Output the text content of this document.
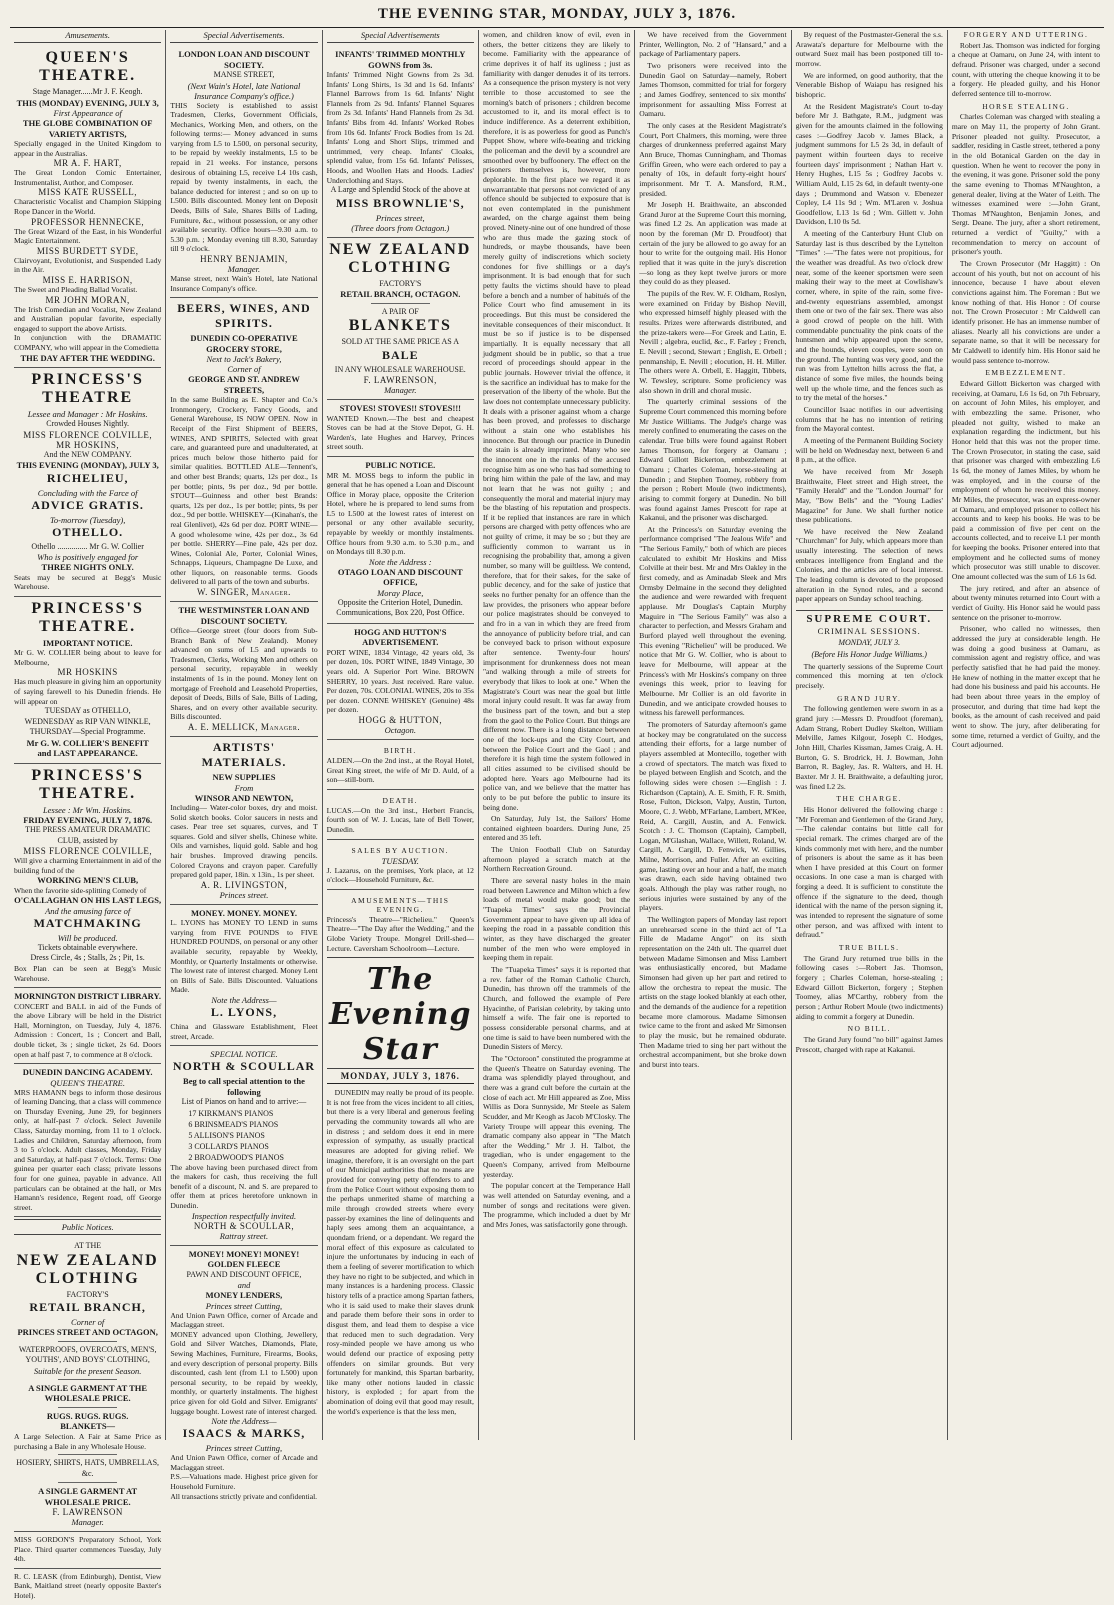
THE EVENING STAR, MONDAY, JULY 3, 1876.
Amusements.
QUEEN'S THEATRE.
Stage Manager......Mr J. F. Keogh.
THIS (MONDAY) EVENING, JULY 3,
First Appearance of
THE GLOBE COMBINATION OF VARIETY ARTISTS,
Specially engaged in the United Kingdom to appear in the Australias.
MR A. F. HART,
The Great London Comic Entertainer, Instrumentalist, Author, and Composer.
MISS KATE RUSSELL,
Characteristic Vocalist and Champion Skipping Rope Dancer in the World.
PROFESSOR HENNECKE,
The Great Wizard of the East, in his Wonderful Magic Entertainment.
MISS BURDETT SYDE,
Clairvoyant, Evolutionist, and Suspended Lady in the Air.
MISS E. HARRISON,
The Sweet and Pleading Ballad Vocalist.
MR JOHN MORAN,
The Irish Comedian and Vocalist, New Zealand and Australian popular favorite, especially engaged to support the above Artists.
In conjunction with the DRAMATIC COMPANY, who will appear in the Comedietta
THE DAY AFTER THE WEDDING.
PRINCESS'S THEATRE
Lessee and Manager : Mr Hoskins.
Crowded Houses Nightly.
MISS FLORENCE COLVILLE,
MR HOSKINS,
And the NEW COMPANY.
THIS EVENING (MONDAY), JULY 3,
RICHELIEU,
Concluding with the Farce of
ADVICE GRATIS.
To-morrow (Tuesday),
OTHELLO.
Othello ............... Mr G. W. Collier
Who is positively engaged for
THREE NIGHTS ONLY.
Seats may be secured at Begg's Music Warehouse.
PRINCESS'S THEATRE.
IMPORTANT NOTICE.
Mr G. W. COLLIER being about to leave for Melbourne,
MR HOSKINS
Has much pleasure in giving him an opportunity of saying farewell to his Dunedin friends. He will appear on
TUESDAY as OTHELLO,
WEDNESDAY as RIP VAN WINKLE,
THURSDAY—Special Programme.
Mr G. W. COLLIER'S BENEFIT
and LAST APPEARANCE.
PRINCESS'S THEATRE.
Lessee : Mr Wm. Hoskins.
FRIDAY EVENING, JULY 7, 1876.
THE PRESS AMATEUR DRAMATIC CLUB, assisted by
MISS FLORENCE COLVILLE,
Will give a charming Entertainment in aid of the building fund of the
WORKING MEN'S CLUB,
When the favorite side-splitting Comedy of
O'CALLAGHAN ON HIS LAST LEGS,
And the amusing farce of
MATCHMAKING
Will be produced.
Tickets obtainable everywhere.
Dress Circle, 4s ; Stalls, 2s ; Pit, 1s.
Box Plan can be seen at Begg's Music Warehouse.
MORNINGTON DISTRICT LIBRARY.
CONCERT and BALL in aid of the Funds of the above Library will be held in the District Hall, Mornington, on Tuesday, July 4, 1876. Admission : Concert, 1s ; Concert and Ball, double ticket, 3s ; single ticket, 2s 6d. Doors open at half past 7, to commence at 8 o'clock.
DUNEDIN DANCING ACADEMY.
QUEEN'S THEATRE.
MRS HAMANN begs to inform those desirous of learning Dancing, that a class will commence on Thursday Evening, June 29, for beginners only, at half-past 7 o'clock. Select Juvenile Class, Saturday morning, from 11 to 1 o'clock. Ladies and Children, Saturday afternoon, from 3 to 5 o'clock. Adult classes, Monday, Friday and Saturday, at half-past 7 o'clock. Terms: One guinea per quarter each class; private lessons four for one guinea, payable in advance. All particulars can be obtained at the hall, or Mrs Hamann's residence, Regent road, off George street.
Public Notices.
AT THE
NEW ZEALAND CLOTHING
FACTORY'S
RETAIL BRANCH,
Corner of
PRINCES STREET AND OCTAGON,
WATERPROOFS, OVERCOATS, MEN'S, YOUTHS', AND BOYS' CLOTHING,
Suitable for the present Season.
A SINGLE GARMENT AT THE WHOLESALE PRICE.
RUGS. RUGS. RUGS.
BLANKETS—
A Large Selection. A Fair at Same Price as purchasing a Bale in any Wholesale House.
HOSIERY, SHIRTS, HATS, UMBRELLAS, &c.
A SINGLE GARMENT AT WHOLESALE PRICE.
F. LAWRENSON
Manager.
MISS GORDON'S Preparatory School, York Place. Third quarter commences Tuesday, July 4th.
R. C. LEASK (from Edinburgh), Dentist, View Bank, Maitland street (nearly opposite Baxter's Hotel).
Special Advertisements.
LONDON LOAN AND DISCOUNT SOCIETY.
MANSE STREET,
(Next Wain's Hotel, late National Insurance Company's office.)
THIS Society is established to assist Tradesmen, Clerks, Government Officials, Mechanics, Working Men, and others, on the following terms:— Money advanced in sums varying from L5 to L500, on personal security, to be repaid by weekly instalments, L5 to be repaid in 21 weeks. For instance, persons desirous of obtaining L5, receive L4 10s cash, repaid by twenty instalments, in each, the balance deducted for interest ; and so on up to L500. Bills discounted. Money lent on Deposit Deeds, Bills of Sale, Shares Bills of Lading, Furniture, &c., without possession, or any other available security. Office hours—9.30 a.m. to 5.30 p.m. ; Monday evening till 8.30, Saturday till 9 o'clock.
HENRY BENJAMIN,
Manager.
Manse street, next Wain's Hotel, late National Insurance Company's office.
BEERS, WINES, AND SPIRITS.
DUNEDIN CO-OPERATIVE GROCERY STORE,
Next to Jack's Bakery,
Corner of
GEORGE AND ST. ANDREW STREETS,
In the same Building as E. Shapter and Co.'s Ironmongery, Crockery, Fancy Goods, and General Warehouse, IS NOW OPEN. Now in Receipt of the First Shipment of BEERS, WINES, AND SPIRITS, Selected with great care, and guaranteed pure and unadulterated, at prices much below those hitherto paid for similar qualities. BOTTLED ALE—Tennent's, and other best Brands; quarts, 12s per doz., 1s per bottle; pints, 9s per doz., 9d per bottle. STOUT—Guinness and other best Brands: quarts, 12s per doz., 1s per bottle; pints, 9s per doz., 9d per bottle. WHISKEY—(Kinahan's, the real Glenlivet), 42s 6d per doz. PORT WINE—A good wholesome wine, 42s per doz., 3s 6d per bottle. SHERRY—Fine pale, 42s per doz. Wines, Colonial Ale, Porter, Colonial Wines, Schnapps, Liqueurs, Champagne De Luxe, and other liquors, on reasonable terms. Goods delivered to all parts of the town and suburbs.
W. SINGER, Manager.
THE WESTMINSTER LOAN AND DISCOUNT SOCIETY.
Office—George street (four doors from Sub-Branch Bank of New Zealand). Money advanced on sums of L5 and upwards to Tradesmen, Clerks, Working Men and others on personal security, repayable in weekly instalments of 1s in the pound. Money lent on mortgage of Freehold and Leasehold Properties, deposit of Deeds, Bills of Sale, Bills of Lading, Shares, and on every other available security. Bills discounted.
A. E. MELLICK, Manager.
ARTISTS' MATERIALS.
NEW SUPPLIES
From
WINSOR AND NEWTON,
Including— Water-color boxes, dry and moist. Solid sketch books. Color saucers in nests and cases. Pear tree set squares, curves, and T squares. Gold and silver shells, Chinese white. Oils and varnishes, liquid gold. Sable and hog hair brushes. Improved drawing pencils. Colored Crayons and crayon paper. Carefully prepared gold paper, 18in. x 13in., 1s per sheet.
A. R. LIVINGSTON,
Princes street.
MONEY. MONEY. MONEY.
L. LYONS has MONEY TO LEND in sums varying from FIVE POUNDS to FIVE HUNDRED POUNDS, on personal or any other available security, repayable by Weekly, Monthly, or Quarterly Instalments or otherwise. The lowest rate of interest charged. Money Lent on Bills of Sale. Bills Discounted. Valuations Made.
Note the Address—
L. LYONS,
China and Glassware Establishment, Fleet street, Arcade.
SPECIAL NOTICE.
NORTH & SCOULLAR
Beg to call special attention to the following
List of Pianos on hand and to arrive:—
17 KIRKMAN'S PIANOS
6 BRINSMEAD'S PIANOS
5 ALLISON'S PIANOS
3 COLLARD'S PIANOS
2 BROADWOOD'S PIANOS
The above having been purchased direct from the makers for cash, thus receiving the full benefit of a discount, N. and S. are prepared to offer them at prices heretofore unknown in Dunedin.
Inspection respectfully invited.
NORTH & SCOULLAR,
Rattray street.
MONEY! MONEY! MONEY!
GOLDEN FLEECE
PAWN AND DISCOUNT OFFICE,
and
MONEY LENDERS,
Princes street Cutting,
And Union Pawn Office, corner of Arcade and Maclaggan street.
MONEY advanced upon Clothing, Jewellery, Gold and Silver Watches, Diamonds, Plate, Sewing Machines, Furniture, Firearms, Books, and every description of personal property. Bills discounted, cash lent (from L1 to L500) upon personal security, to be repaid by weekly, monthly, or quarterly instalments. The highest price given for old Gold and Silver. Emigrants' luggage bought. Lowest rate of interest charged.
Note the Address—
ISAACS & MARKS,
Princes street Cutting,
And Union Pawn Office, corner of Arcade and Maclaggan street.
P.S.—Valuations made. Highest price given for Household Furniture.
All transactions strictly private and confidential.
Special Advertisements
INFANTS' TRIMMED MONTHLY GOWNS from 3s.
Infants' Trimmed Night Gowns from 2s 3d. Infants' Long Shirts, 1s 3d and 1s 6d. Infants' Flannel Barrows from 1s 6d. Infants' Night Flannels from 2s 9d. Infants' Flannel Squares from 2s 3d. Infants' Hand Flannels from 2s 3d. Infants' Bibs from 4d. Infants' Worked Robes from 10s 6d. Infants' Frock Bodies from 1s 2d. Infants' Long and Short Slips, trimmed and untrimmed, very cheap. Infants' Cloaks, splendid value, from 15s 6d. Infants' Pelisses, Hoods, and Woollen Hats and Hoods. Ladies' Underclothing and Stays.
A Large and Splendid Stock of the above at
MISS BROWNLIE'S,
Princes street,
(Three doors from Octagon.)
NEW ZEALAND CLOTHING
FACTORY'S
RETAIL BRANCH, OCTAGON.
A PAIR OF
BLANKETS
SOLD AT THE SAME PRICE AS A
BALE
IN ANY WHOLESALE WAREHOUSE.
F. LAWRENSON,
Manager.
STOVES! STOVES!! STOVES!!!
WANTED Known.—The best and cheapest Stoves can be had at the Stove Depot, G. H. Warden's, late Hughes and Harvey, Princes street south.
PUBLIC NOTICE.
MR M. MOSS begs to inform the public in general that he has opened a Loan and Discount Office in Moray place, opposite the Criterion Hotel, where he is prepared to lend sums from L5 to L500 at the lowest rates of interest on personal or any other available security, repayable by weekly or monthly instalments. Office hours from 9.30 a.m. to 5.30 p.m., and on Mondays till 8.30 p.m.
Note the Address :
OTAGO LOAN AND DISCOUNT OFFICE,
Moray Place,
Opposite the Criterion Hotel, Dunedin.
Communications, Box 220, Post Office.
HOGG AND HUTTON'S ADVERTISEMENT.
PORT WINE, 1834 Vintage, 42 years old, 3s per dozen, 10s. PORT WINE, 1849 Vintage, 30 years old. A Superior Port Wine. BROWN SHERRY, 10 years. Just received. Rare value. Per dozen, 70s. COLONIAL WINES, 20s to 35s per dozen. CONNE WHISKEY (Genuine) 48s per dozen.
HOGG & HUTTON,
Octagon.
BIRTH.
ALDEN.—On the 2nd inst., at the Royal Hotel, Great King street, the wife of Mr D. Auld, of a son—still-born.
DEATH.
LUCAS.—On the 3rd inst., Herbert Francis, fourth son of W. J. Lucas, late of Bell Tower, Dunedin.
SALES BY AUCTION.
TUESDAY.
J. Lazarus, on the premises, York place, at 12 o'clock—Household Furniture, &c.
AMUSEMENTS—THIS EVENING.
Princess's Theatre—"Richelieu." Queen's Theatre—"The Day after the Wedding," and the Globe Variety Troupe. Mongrel Drill-shed—Lecture. Caversham Schoolroom—Lecture.
The Evening Star
MONDAY, JULY 3, 1876.

DUNEDIN may really be proud of its people. It is not free from the vices incident to all cities, but there is a very liberal and generous feeling pervading the community towards all who are in distress ; and seldom does it end in mere expression of sympathy, as usually practical measures are adopted for giving relief. We imagine, therefore, it is an oversight on the part of our Municipal authorities that no means are provided for conveying petty offenders to and from the Police Court without exposing them to the perhaps unmerited shame of marching a mile through crowded streets where every passer-by examines the line of delinquents and haply sees among them an acquaintance, a quondam friend, or a dependant. We regard the moral effect of this exposure as calculated to injure the unfortunates by inducing in each of them a feeling of severer mortification to which they have no right to be subjected, and which in many instances is a hardening process. Classic history tells of a practice among Spartan fathers, who it is said used to make their slaves drunk and parade them before their sons in order to disgust them, and lead them to despise a vice that reduced men to such degradation. Very rosy-minded people we have among us who would defend our practice of exposing petty offenders on similar grounds. But very fortunately for mankind, this Spartan barbarity, like many other notions lauded in classic history, is exploded ; for apart from the abomination of doing evil that good may result, the world's experience is that the less men,

women, and children know of evil, even in others, the better citizens they are likely to become. Familiarity with the appearance of crime deprives it of half its ugliness ; just as familiarity with danger denudes it of its terrors. As a consequence the prison mystery is not very terrible to those accustomed to see the morning's batch of prisoners ; children become accustomed to it, and its moral effect is to induce indifference. As a deterrent exhibition, therefore, it is as powerless for good as Punch's Puppet Show, where wife-beating and tricking the policeman and the devil by a scoundrel are smoothed over by buffoonery. The effect on the prisoners themselves is, however, more deplorable. In the first place we regard it as unwarrantable that persons not convicted of any offence should be subjected to exposure that is not even contemplated in the punishment awarded, on the charge against them being proved. Ninety-nine out of one hundred of those who are thus made the gazing stock of hundreds, or maybe thousands, have been merely guilty of indiscretions which society condones for five shillings or a day's imprisonment. It is bad enough that for such petty faults the victims should have to plead before a bench and a number of habitués of the Police Court who find amusement in its proceedings. But this must be considered the inevitable consequences of their misconduct. It must be so if justice is to be dispensed impartially. It is equally necessary that all judgment should be in public, so that a true record of proceedings should appear in the public journals. However trivial the offence, it is the sacrifice an individual has to make for the preservation of the liberty of the whole. But the law does not contemplate unnecessary publicity. It deals with a prisoner against whom a charge has been proved, and professes to discharge without a stain one who establishes his innocence. But through our practice in Dunedin the stain is already imprinted. Many who see the innocent one in the ranks of the accused recognise him as one who has had something to bring him within the pale of the law, and may not learn that he was not guilty ; and consequently the moral and material injury may be the blasting of his reputation and prospects. If it be replied that instances are rare in which persons are charged with petty offences who are not guilty of crime, it may be so ; but they are sufficiently common to warrant us in recognising the probability that, among a given number, so many will be guiltless. We contend, therefore, that for their sakes, for the sake of public decency, and for the sake of justice that seeks no further penalty for an offence than the law provides, the prisoners who appear before our police magistrates should be conveyed to and fro in a van in which they are freed from the annoyance of publicity before trial, and can be conveyed back to prison without exposure after sentence. Twenty-four hours' imprisonment for drunkenness does not mean "and walking through a mile of streets for everybody that likes to look at one." When the Magistrate's Court was near the goal but little moral injury could result. It was far away from the business part of the town, and but a step from the gaol to the Police Court. But things are different now. There is a long distance between one of the lock-ups and the City Court, and between the Police Court and the Gaol ; and therefore it is high time the system followed in all cities assumed to be civilised should be adopted here. Years ago Melbourne had its police van, and we believe that the matter has only to be put before the public to insure its being done.

On Saturday, July 1st, the Sailors' Home contained eighteen boarders. During June, 25 entered and 35 left.

The Union Football Club on Saturday afternoon played a scratch match at the Northern Recreation Ground.

There are several nasty holes in the main road between Lawrence and Milton which a few loads of metal would make good; but the "Tuapeka Times" says the Provincial Government appear to have given up all idea of keeping the road in a passable condition this winter, as they have discharged the greater number of the men who were employed in keeping them in repair.

The "Tuapeka Times" says it is reported that a rev. father of the Roman Catholic Church, Dunedin, has thrown off the trammels of the Church, and followed the example of Pere Hyacinthe, of Parisian celebrity, by taking unto himself a wife. The fair one is reported to possess considerable personal charms, and at one time is said to have been numbered with the Dunedin Sisters of Mercy.

The "Octoroon" constituted the programme at the Queen's Theatre on Saturday evening. The drama was splendidly played throughout, and there was a grand cult before the curtain at the close of each act. Mr Hill appeared as Zoe, Miss Willis as Dora Sunnyside, Mr Steele as Salem Scudder, and Mr Keogh as Jacob M'Closky. The Variety Troupe will appear this evening. The dramatic company also appear in "The Match after the Wedding." Mr J. H. Talbot, the tragedian, who is under engagement to the Queen's Company, arrived from Melbourne yesterday.

The popular concert at the Temperance Hall was well attended on Saturday evening, and a number of songs and recitations were given. The programme, which included a duet by Mr and Mrs Jones, was satisfactorily gone through.

We have received from the Government Printer, Wellington, No. 2 of "Hansard," and a package of Parliamentary papers.

Two prisoners were received into the Dunedin Gaol on Saturday—namely, Robert James Thomson, committed for trial for forgery ; and James Godfrey, sentenced to six months' imprisonment for assaulting Miss Forrest at Oamaru.

The only cases at the Resident Magistrate's Court, Port Chalmers, this morning, were three charges of drunkenness preferred against Mary Ann Bruce, Thomas Cunningham, and Thomas Griffin Green, who were each ordered to pay a penalty of 10s, in default forty-eight hours' imprisonment. Mr T. A. Mansford, R.M., presided.

Mr Joseph H. Braithwaite, an absconded Grand Juror at the Supreme Court this morning, was fined L2 2s. An application was made at noon by the foreman (Mr D. Proudfoot) that certain of the jury be allowed to go away for an hour to write for the outgoing mail. His Honor replied that it was quite in the jury's discretion—so long as they kept twelve jurors or more they could do as they pleased.

The pupils of the Rev. W. F. Oldham, Roslyn, were examined on Friday by Bishop Nevill, who expressed himself highly pleased with the results. Prizes were afterwards distributed, and the prize-takers were—For Greek and Latin, E. Nevill ; algebra, euclid, &c., F. Farley ; French, E. Nevill ; second, Stewart ; English, E. Orbell ; penmanship, E. Nevill ; elocution, H. H. Miller. The others were A. Orbell, E. Haggitt, Tibbets, W. Tewsley, scripture. Some proficiency was also shown in drill and choral music.

The quarterly criminal sessions of the Supreme Court commenced this morning before Mr Justice Williams. The Judge's charge was merely confined to enumerating the cases on the calendar. True bills were found against Robert James Thomson, for forgery at Oamaru ; Edward Gillott Bickerton, embezzlement at Oamaru ; Charles Coleman, horse-stealing at Dunedin ; and Stephen Toomey, robbery from the person ; Robert Moule (two indictments), arising to commit forgery at Dunedin. No bill was found against James Prescott for rape at Kakanui, and the prisoner was discharged.

At the Princess's on Saturday evening the performance comprised "The Jealous Wife" and "The Serious Family," both of which are pieces calculated to exhibit Mr Hoskins and Miss Colville at their best. Mr and Mrs Oakley in the first comedy, and as Aminadab Sleek and Mrs Ormsby Delmaine in the second they delighted the audience and were rewarded with frequent applause. Mr Douglas's Captain Murphy Maguire in "The Serious Family" was also a character to perfection, and Messrs Graham and Burford played well throughout the evening. This evening "Richelieu" will be produced. We notice that Mr G. W. Collier, who is about to leave for Melbourne, will appear at the Princess's with Mr Hoskins's company on three evenings this week, prior to leaving for Melbourne. Mr Collier is an old favorite in Dunedin, and we anticipate crowded houses to witness his farewell performances.

The promoters of Saturday afternoon's game at hockey may be congratulated on the success attending their efforts, for a large number of players assembled at Montecillo, together with a crowd of spectators. The match was fixed to be played between English and Scotch, and the following sides were chosen :—English : J. Richardson (Captain), A. E. Smith, F. R. Smith, Rose, Fulton, Dickson, Valpy, Austin, Turton, Moore, C. J. Webb, M'Farlane, Lambert, M'Kee, Reid, A. Cargill, Austin, and A. Fenwick. Scotch : J. C. Thomson (Captain), Campbell, Logan, M'Glashan, Wallace, Willett, Roland, W. Cargill, A. Cargill, D. Fenwick, W. Gillies, Milne, Morrison, and Fuller. After an exciting game, lasting over an hour and a half, the match was drawn, each side having obtained two goals. Although the play was rather rough, no serious injuries were sustained by any of the players.

The Wellington papers of Monday last report an unrehearsed scene in the third act of "La Fille de Madame Angot" on its sixth representation on the 24th ult. The quarrel duet between Madame Simonsen and Miss Lambert was enthusiastically encored, but Madame Simonsen had given up her part and retired to allow the orchestra to repeat the music. The artists on the stage looked blankly at each other, and the demands of the audience for a repetition became more clamorous. Madame Simonsen twice came to the front and asked Mr Simonsen to play the music, but he remained obdurate. Then Madame tried to sing her part without the orchestral accompaniment, but she broke down and burst into tears.

By request of the Postmaster-General the s.s. Arawata's departure for Melbourne with the outward Suez mail has been postponed till to-morrow.

We are informed, on good authority, that the Venerable Bishop of Waiapu has resigned his bishopric.

At the Resident Magistrate's Court to-day before Mr J. Bathgate, R.M., judgment was given for the amounts claimed in the following cases :—Godfrey Jacob v. James Black, a judgment summons for L5 2s 3d, in default of payment within fourteen days to receive fourteen days' imprisonment ; Nathan Hart v. Henry Hughes, L15 5s ; Godfrey Jacobs v. William Auld, L15 2s 6d, in default twenty-one days ; Drummond and Watson v. Ebenezer Copley, L4 11s 9d ; Wm. M'Laren v. Joshua Goodfellow, L13 1s 6d ; Wm. Gillett v. John Davidson, L10 0s 5d.

A meeting of the Canterbury Hunt Club on Saturday last is thus described by the Lyttelton "Times" :—"The fates were not propitious, for the weather was dreadful. As two o'clock drew near, some of the keener sportsmen were seen making their way to the meet at Cowlishaw's corner, where, in spite of the rain, some five-and-twenty equestrians assembled, amongst them one or two of the fair sex. There was also a good crowd of people on the hill. With commendable punctuality the pink coats of the huntsmen and whip appeared upon the scene, and the hounds, eleven couples, were soon on the ground. The hunting was very good, and the run was from Lyttelton hills across the flat, a distance of some five miles, the hounds being well up the whole time, and the fences such as to try the metal of the horses."

Councillor Isaac notifies in our advertising columns that he has no intention of retiring from the Mayoral contest.

A meeting of the Permanent Building Society will be held on Wednesday next, between 6 and 8 p.m., at the office.

We have received from Mr Joseph Braithwaite, Fleet street and High street, the "Family Herald" and the "London Journal" for May, "Bow Bells" and the "Young Ladies' Magazine" for June. We shall further notice these publications.

We have received the New Zealand "Churchman" for July, which appears more than usually interesting. The selection of news embraces intelligence from England and the Colonies, and the articles are of local interest. The leading column is devoted to the proposed alteration in the Synod rules, and a second paper appears on Sunday school teaching.

SUPREME COURT.
CRIMINAL SESSIONS.
MONDAY, JULY 3.
(Before His Honor Judge Williams.)

The quarterly sessions of the Supreme Court commenced this morning at ten o'clock precisely.

GRAND JURY.

The following gentlemen were sworn in as a grand jury :—Messrs D. Proudfoot (foreman), Adam Strang, Robert Dudley Skelton, William Melville, James Kilgour, Joseph C. Hodges, John Hill, Charles Kissman, James Craig, A. H. Burton, G. S. Brodrick, H. J. Bowman, John Barron, R. Bagley, Jas. R. Walters, and H. H. Baxter. Mr J. H. Braithwaite, a defaulting juror, was fined L2 2s.

THE CHARGE.

His Honor delivered the following charge : "Mr Foreman and Gentlemen of the Grand Jury,—The calendar contains but little call for special remark. The crimes charged are of the kinds commonly met with here, and the number of prisoners is about the same as it has been when I have presided at this Court on former occasions. In one case a man is charged with forging a deed. It is sufficient to constitute the offence if the signature to the deed, though identical with the name of the person signing it, was intended to represent the signature of some other person, and was affixed with intent to defraud."

TRUE BILLS.

The Grand Jury returned true bills in the following cases :—Robert Jas. Thomson, forgery ; Charles Coleman, horse-stealing ; Edward Gillott Bickerton, forgery ; Stephen Toomey, alias M'Carthy, robbery from the person ; Arthur Robert Moule (two indictments) aiding to commit a forgery at Dunedin.

NO BILL.

The Grand Jury found "no bill" against James Prescott, charged with rape at Kakanui.

FORGERY AND UTTERING.

Robert Jas. Thomson was indicted for forging a cheque at Oamaru, on June 24, with intent to defraud. Prisoner was charged, under a second count, with uttering the cheque knowing it to be a forgery. He pleaded guilty, and his Honor deferred sentence till to-morrow.

HORSE STEALING.

Charles Coleman was charged with stealing a mare on May 11, the property of John Grant. Prisoner pleaded not guilty. Prosecutor, a saddler, residing in Castle street, tethered a pony in the old Botanical Garden on the day in question. When he went to recover the pony in the evening, it was gone. Prisoner sold the pony the same evening to Thomas M'Naughton, a general dealer, living at the Water of Leith. The witnesses examined were :—John Grant, Thomas M'Naughton, Benjamin Jones, and Sergt. Deane. The jury, after a short retirement, returned a verdict of "Guilty," with a recommendation to mercy on account of prisoner's youth.

The Crown Prosecutor (Mr Haggitt) : On account of his youth, but not on account of his innocence, because I have about eleven convictions against him. The Foreman : But we know nothing of that. His Honor : Of course not. The Crown Prosecutor : Mr Caldwell can identify prisoner. He has an immense number of aliases. Nearly all his convictions are under a separate name, so that it will be necessary for Mr Caldwell to identify him. His Honor said he would pass sentence to-morrow.

EMBEZZLEMENT.

Edward Gillott Bickerton was charged with receiving, at Oamaru, L6 1s 6d, on 7th February, on account of John Miles, his employer, and with embezzling the same. Prisoner, who pleaded not guilty, wished to make an explanation regarding the indictment, but his Honor held that this was not the proper time. The Crown Prosecutor, in stating the case, said that prisoner was charged with embezzling L6 1s 6d, the money of James Miles, by whom he was employed, and in the course of the employment of whom he received this money. Mr Miles, the prosecutor, was an express-owner at Oamaru, and employed prisoner to collect his accounts and to keep his books. He was to be paid a commission of five per cent on the accounts collected, and to receive L1 per month for keeping the books. Prisoner entered into that employment and he collected sums of money which prosecutor was still unable to discover. One amount collected was the sum of L6 1s 6d.

The jury retired, and after an absence of about twenty minutes returned into Court with a verdict of Guilty. His Honor said he would pass sentence on the prisoner to-morrow.

Prisoner, who called no witnesses, then addressed the jury at considerable length. He was doing a good business at Oamaru, as commission agent and registry office, and was perfectly satisfied that he had paid the money. He knew of nothing in the matter except that he had done his business and paid his accounts. He had been about three years in the employ of prosecutor, and during that time had kept the books, as the amount of cash received and paid went to show. The jury, after deliberating for some time, returned a verdict of Guilty, and the Court adjourned.
